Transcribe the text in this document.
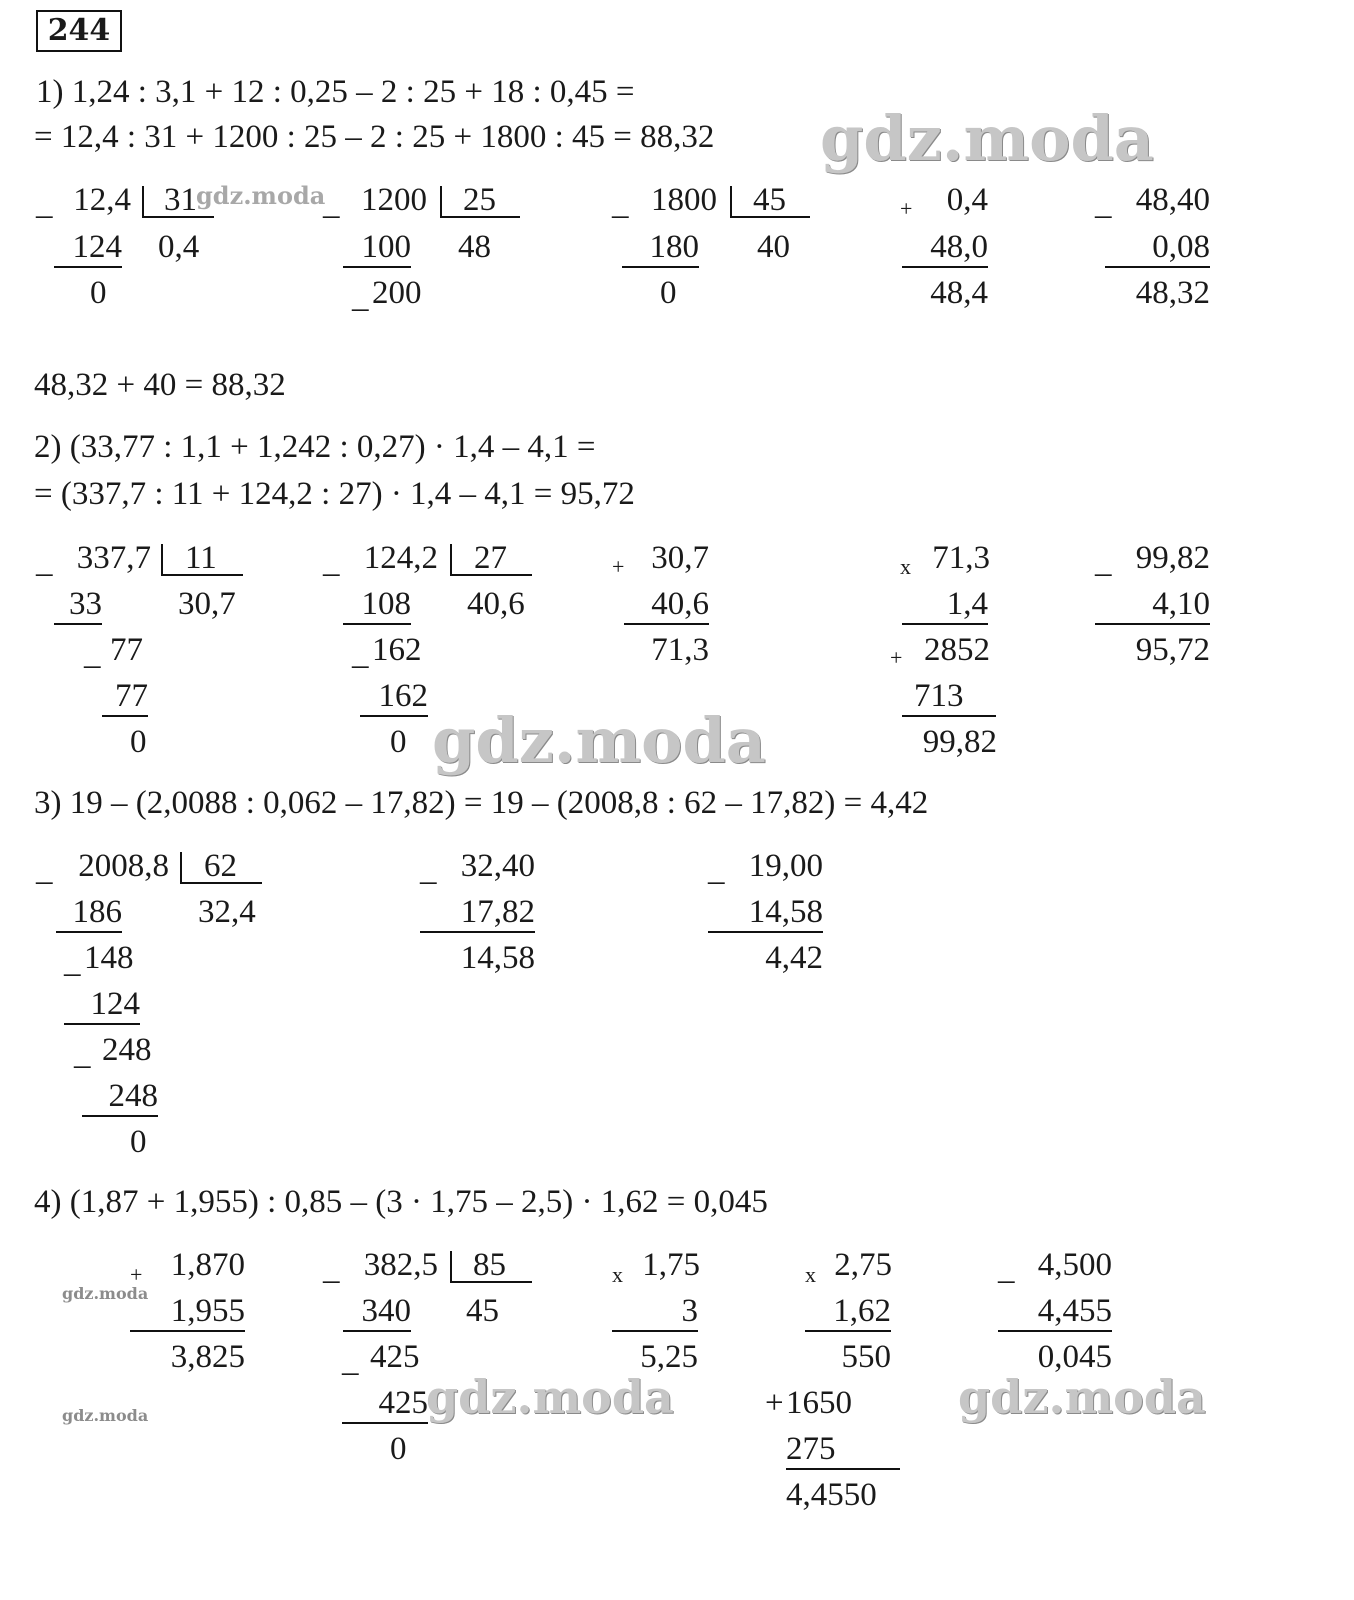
244
1) 1,24 : 3,1 + 12 : 0,25 – 2 : 25 + 18 : 0,45 =
= 12,4 : 31 + 1200 : 25 – 2 : 25 + 1800 : 45 = 88,32
_ 12,4 31
0,4
124
0
_ 1200 25
48
100
_ 200
_ 1800 45
40
180
0
+	0,4
48,0
48,4
_ 48,40
0,08
48,32
48,32 + 40 = 88,32
2) (33,77 : 1,1 + 1,242 : 0,27) · 1,4 – 4,1 =
= (337,7 : 11 + 124,2 : 27) · 1,4 – 4,1 = 95,72
_ 337,7 11
30,7
33
_ 77
77
0
_ 124,2 27
40,6
108
_ 162
162
0
+ 30,7
40,6
71,3
x 71,3
1,4
+ 2852
713
99,82
_ 99,82
4,10
95,72
3) 19 – (2,0088 : 0,062 – 17,82) = 19 – (2008,8 : 62 – 17,82) = 4,42
_ 2008,8 62
32,4
186
_ 148
124
_ 248
248
0
_ 32,40
17,82
14,58
_ 19,00
14,58
4,42
4) (1,87 + 1,955) : 0,85 – (3 · 1,75 – 2,5) · 1,62 = 0,045
+ 1,870
1,955
3,825
_ 382,5 85
45
340
_ 425
425
0
x 1,75
3
5,25
x 2,75
1,62
550
+ 1650
275
4,4550
_ 4,500
4,455
0,045
gdz.moda
gdz.moda
gdz.moda
gdz.moda
gdz.moda	gdz.moda	gdz.moda
